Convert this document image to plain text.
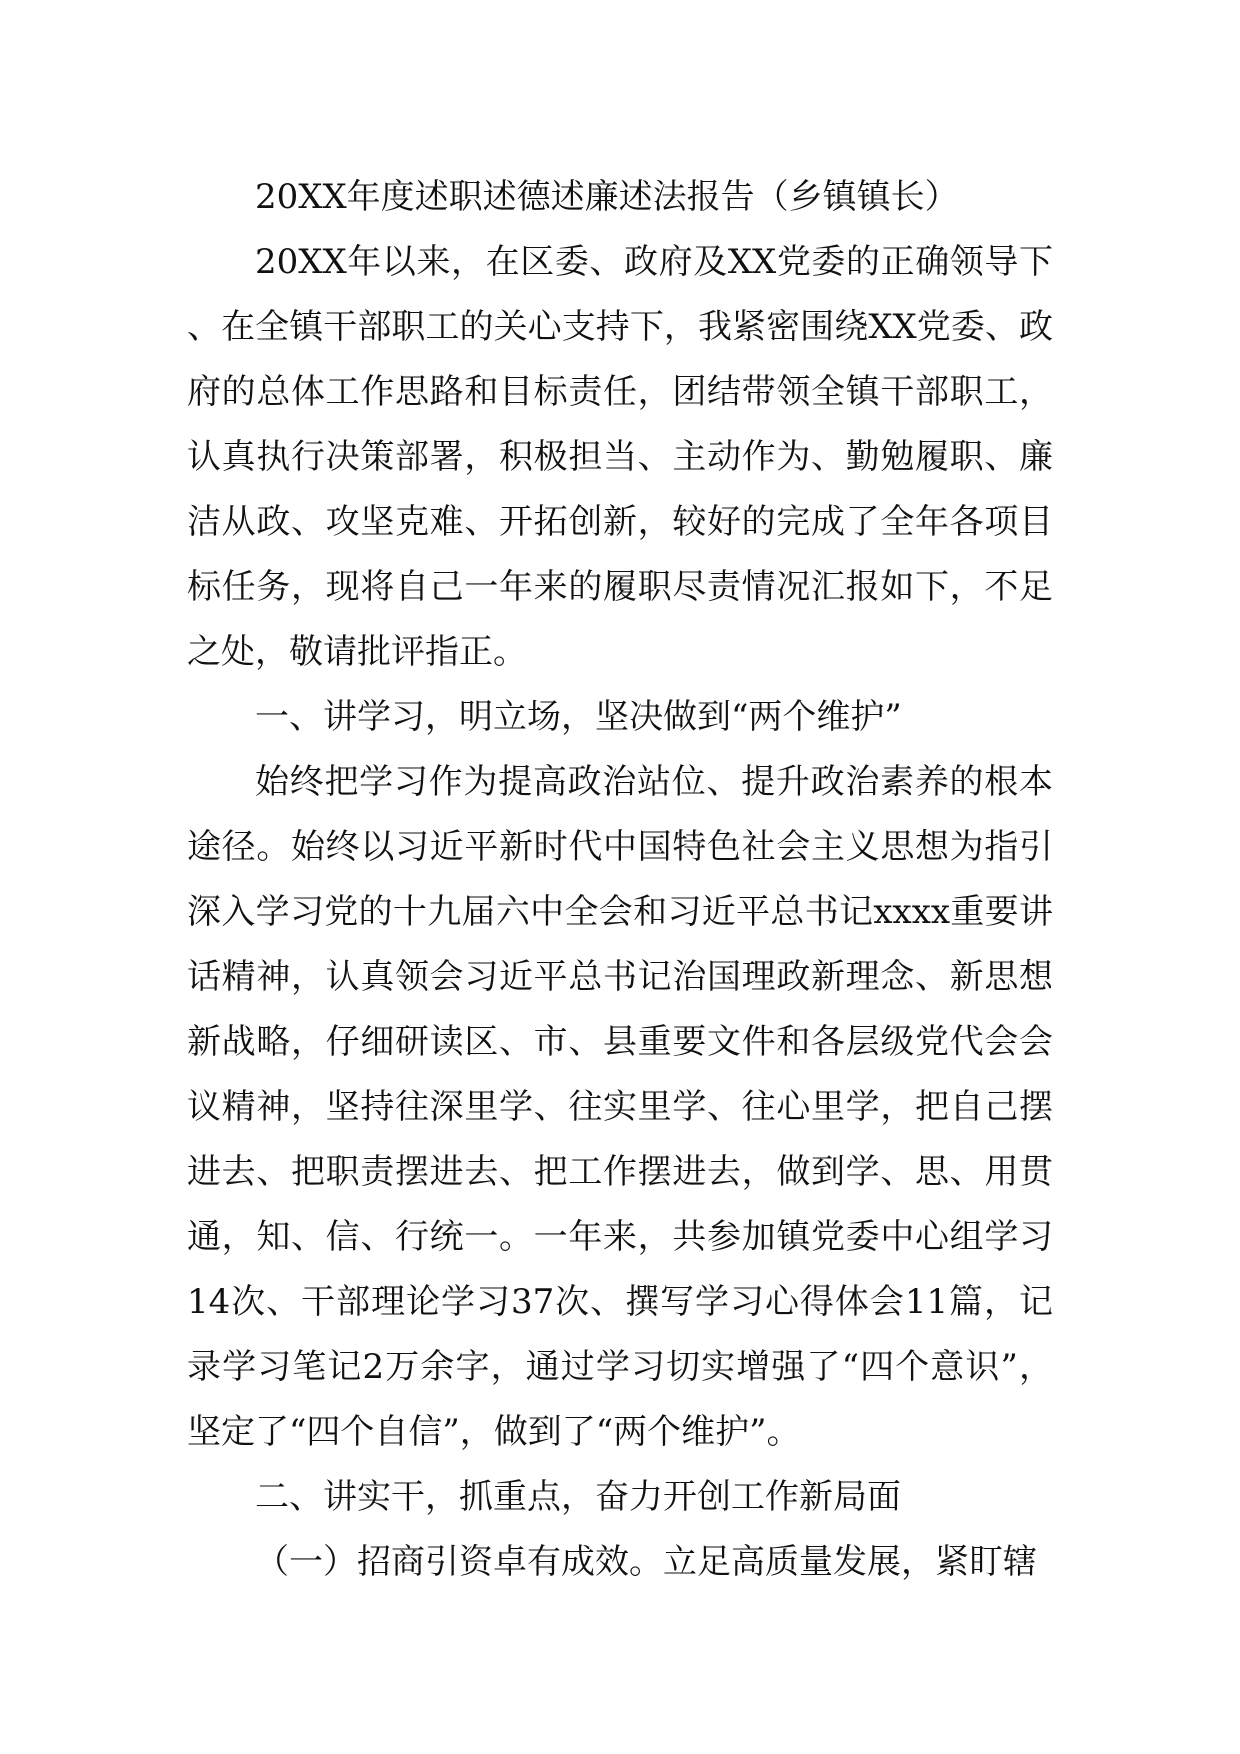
20XX年度述职述德述廉述法报告（乡镇镇长）

20XX年以来，在区委、政府及XX党委的正确领导下、在全镇干部职工的关心支持下，我紧密围绕XX党委、政府的总体工作思路和目标责任，团结带领全镇干部职工，认真执行决策部署，积极担当、主动作为、勤勉履职、廉洁从政、攻坚克难、开拓创新，较好的完成了全年各项目标任务，现将自己一年来的履职尽责情况汇报如下，不足之处，敬请批评指正。

一、讲学习，明立场，坚决做到“两个维护”

始终把学习作为提高政治站位、提升政治素养的根本途径。始终以习近平新时代中国特色社会主义思想为指引深入学习党的十九届六中全会和习近平总书记xxxx重要讲话精神，认真领会习近平总书记治国理政新理念、新思想新战略，仔细研读区、市、县重要文件和各层级党代会会议精神，坚持往深里学、往实里学、往心里学，把自己摆进去、把职责摆进去、把工作摆进去，做到学、思、用贯通，知、信、行统一。一年来，共参加镇党委中心组学习14次、干部理论学习37次、撰写学习心得体会11篇，记录学习笔记2万余字，通过学习切实增强了“四个意识”，坚定了“四个自信”，做到了“两个维护”。

二、讲实干，抓重点，奋力开创工作新局面

（一）招商引资卓有成效。立足高质量发展，紧盯辖
